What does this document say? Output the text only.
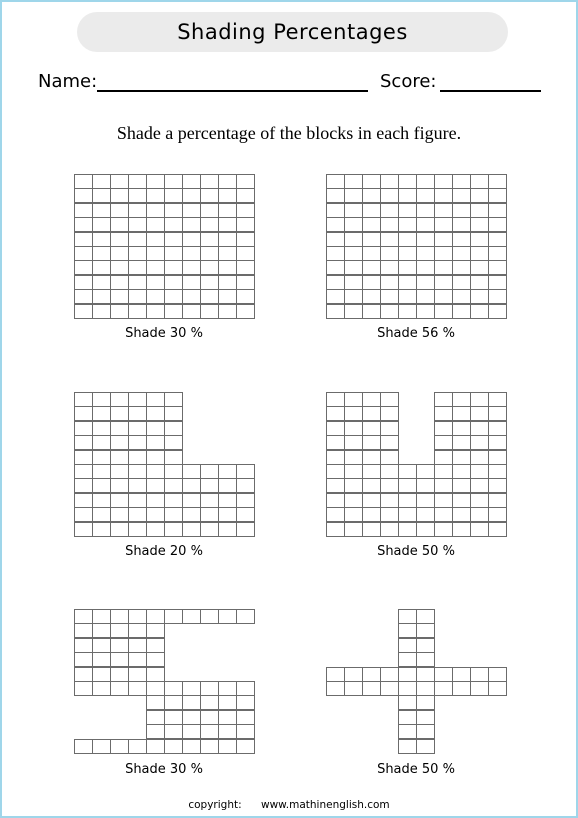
Shading Percentages
Name:	Score:
Shade a percentage of the blocks in each figure.
Shade 30 %	Shade 56 %
Shade 20 %	Shade 50 %
Shade 30 %	Shade 50 %
copyright: www.mathinenglish.com
